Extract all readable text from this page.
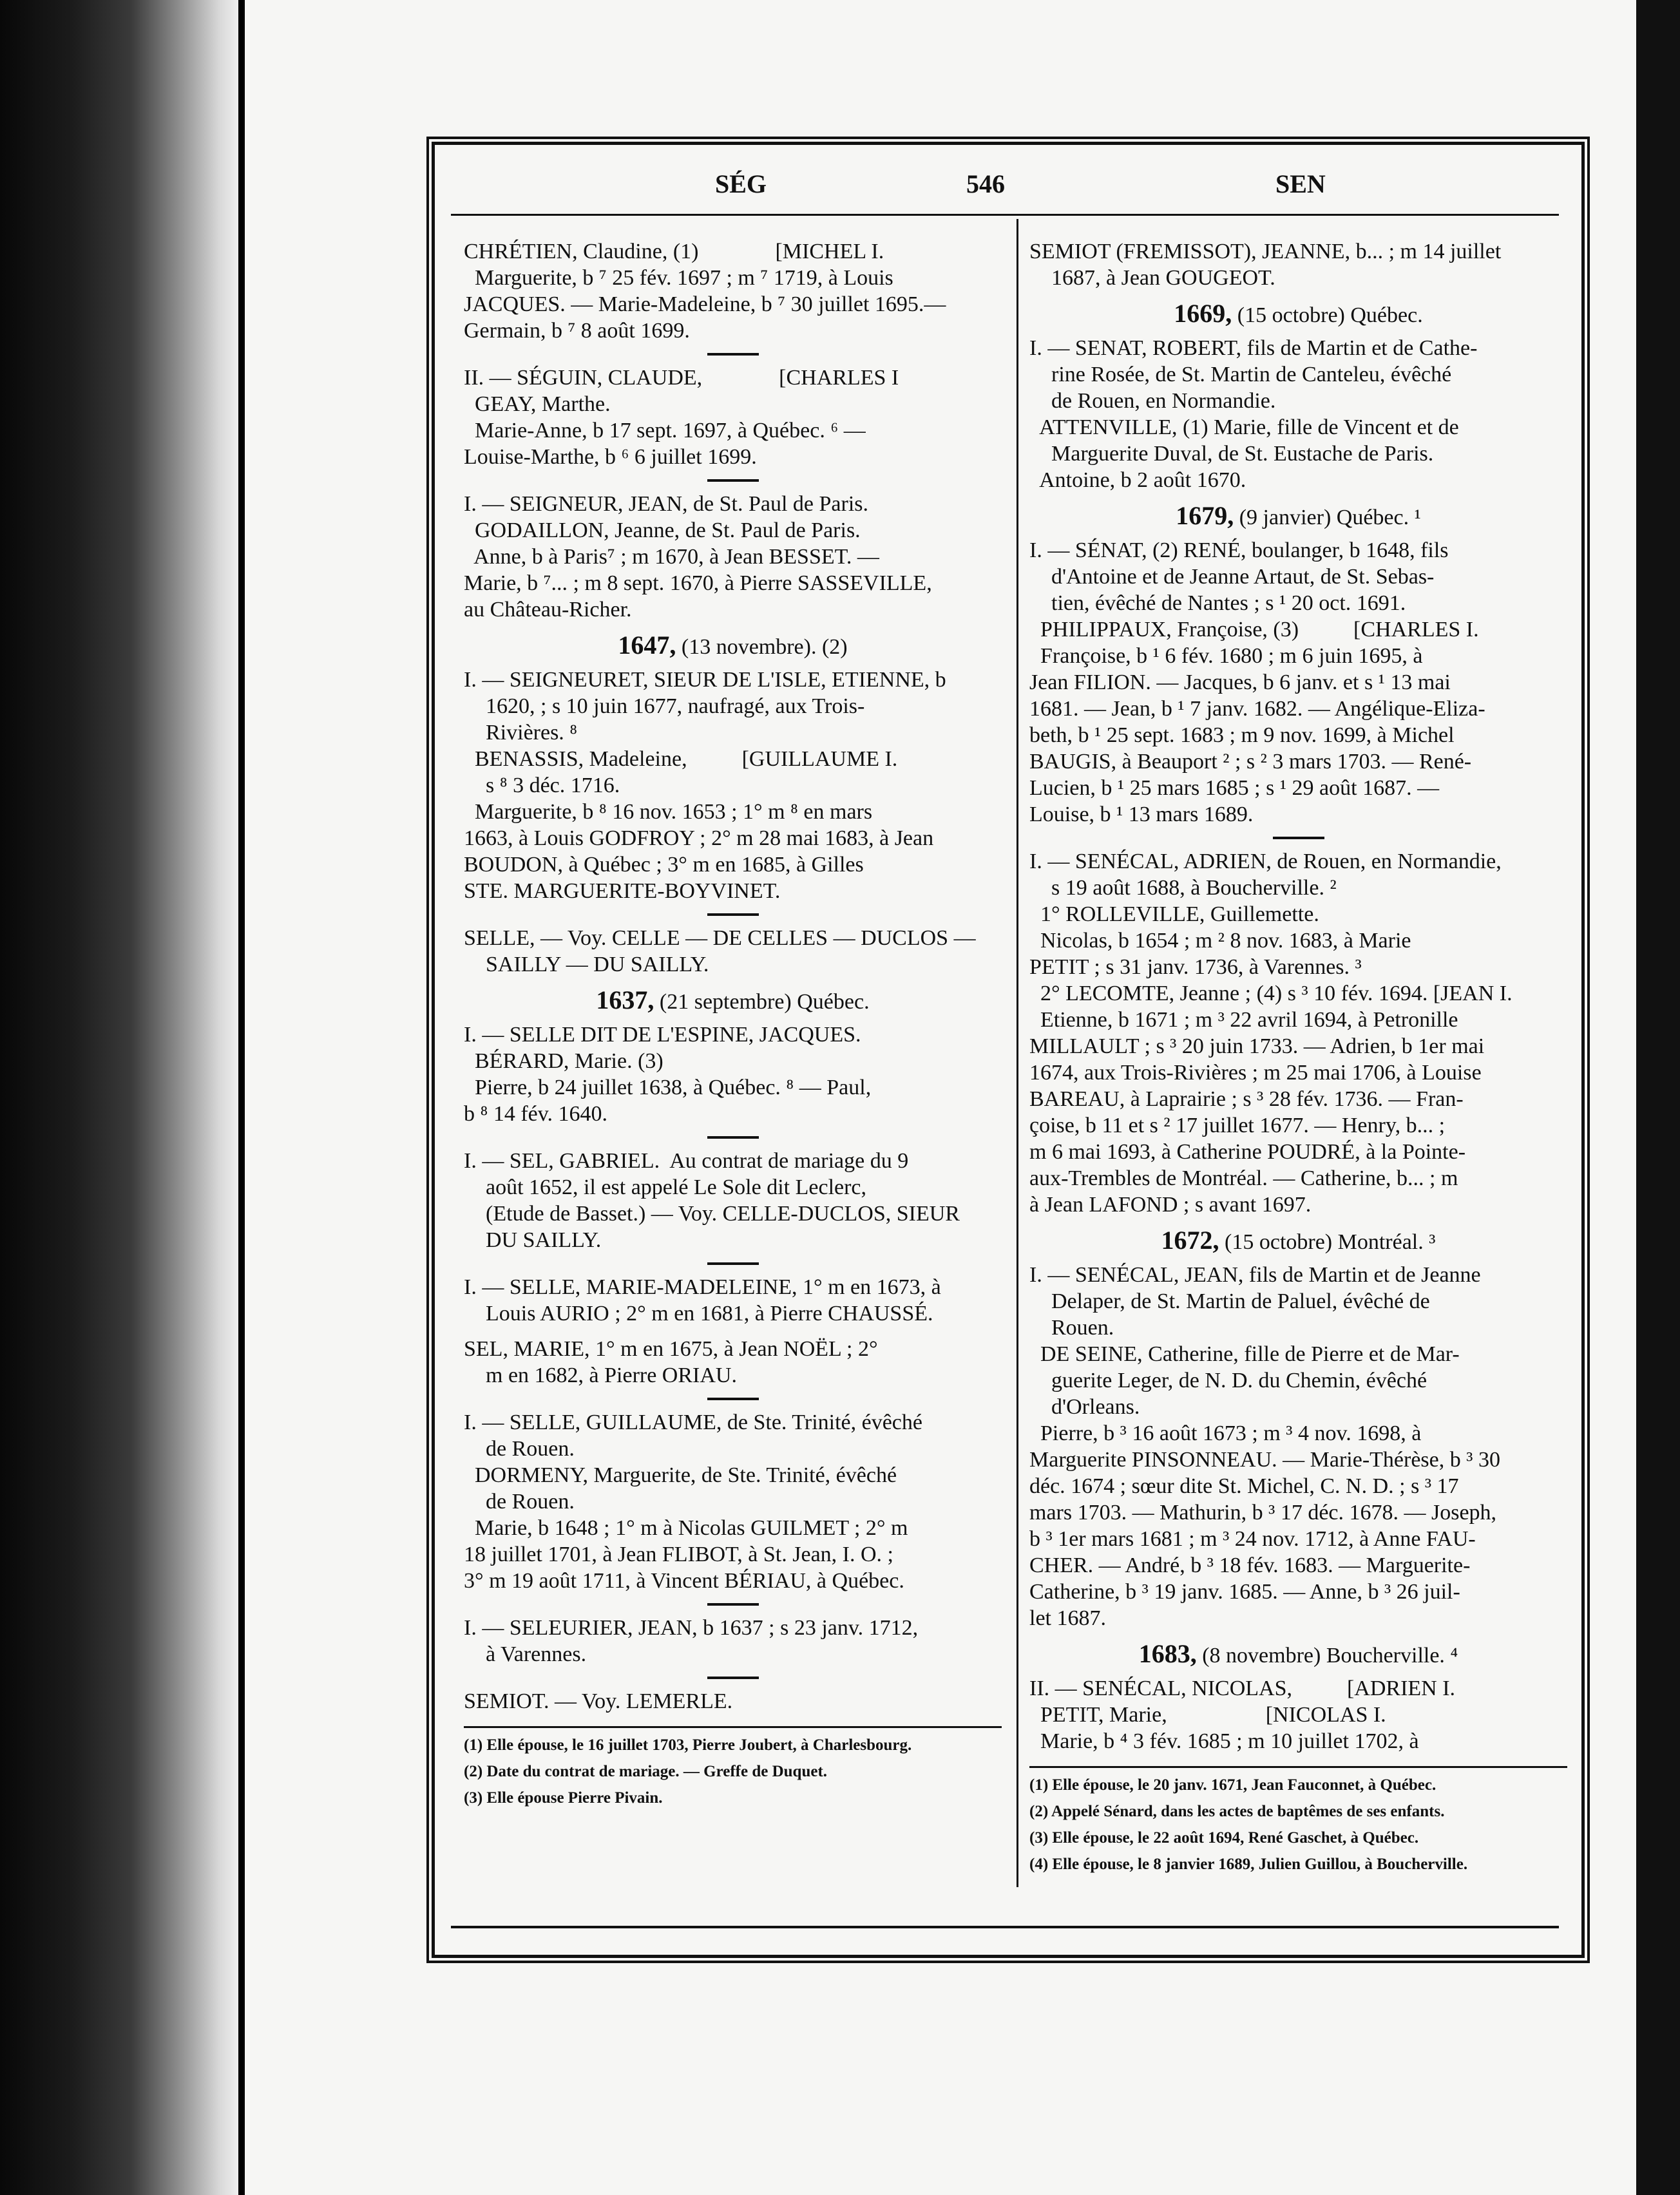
SÉG	546	SEN
CHRÉTIEN, Claudine, (1)              [MICHEL I.
Marguerite, b ⁷ 25 fév. 1697 ; m ⁷ 1719, à Louis
JACQUES. — Marie-Madeleine, b ⁷ 30 juillet 1695.—
Germain, b ⁷ 8 août 1699.
II. — SÉGUIN, CLAUDE,              [CHARLES I
GEAY, Marthe.
Marie-Anne, b 17 sept. 1697, à Québec. ⁶ —
Louise-Marthe, b ⁶ 6 juillet 1699.
I. — SEIGNEUR, JEAN, de St. Paul de Paris.
GODAILLON, Jeanne, de St. Paul de Paris.
Anne, b à Paris⁷ ; m 1670, à Jean BESSET. —
Marie, b ⁷... ; m 8 sept. 1670, à Pierre SASSEVILLE,
au Château-Richer.
1647, (13 novembre). (2)
I. — SEIGNEURET, SIEUR DE L'ISLE, ETIENNE, b
1620, ; s 10 juin 1677, naufragé, aux Trois-
Rivières. ⁸
BENASSIS, Madeleine,          [GUILLAUME I.
s ⁸ 3 déc. 1716.
Marguerite, b ⁸ 16 nov. 1653 ; 1° m ⁸ en mars
1663, à Louis GODFROY ; 2° m 28 mai 1683, à Jean
BOUDON, à Québec ; 3° m en 1685, à Gilles
STE. MARGUERITE-BOYVINET.
SELLE, — Voy. CELLE — DE CELLES — DUCLOS —
SAILLY — DU SAILLY.
1637, (21 septembre) Québec.
I. — SELLE DIT DE L'ESPINE, JACQUES.
BÉRARD, Marie. (3)
Pierre, b 24 juillet 1638, à Québec. ⁸ — Paul,
b ⁸ 14 fév. 1640.
I. — SEL, GABRIEL.  Au contrat de mariage du 9
août 1652, il est appelé Le Sole dit Leclerc,
(Etude de Basset.) — Voy. CELLE-DUCLOS, SIEUR
DU SAILLY.
I. — SELLE, MARIE-MADELEINE, 1° m en 1673, à
Louis AURIO ; 2° m en 1681, à Pierre CHAUSSÉ.
SEL, MARIE, 1° m en 1675, à Jean NOËL ; 2°
m en 1682, à Pierre ORIAU.
I. — SELLE, GUILLAUME, de Ste. Trinité, évêché
de Rouen.
DORMENY, Marguerite, de Ste. Trinité, évêché
de Rouen.
Marie, b 1648 ; 1° m à Nicolas GUILMET ; 2° m
18 juillet 1701, à Jean FLIBOT, à St. Jean, I. O. ;
3° m 19 août 1711, à Vincent BÉRIAU, à Québec.
I. — SELEURIER, JEAN, b 1637 ; s 23 janv. 1712,
à Varennes.
SEMIOT. — Voy. LEMERLE.
(1) Elle épouse, le 16 juillet 1703, Pierre Joubert, à Charlesbourg.
(2) Date du contrat de mariage. — Greffe de Duquet.
(3) Elle épouse Pierre Pivain.
SEMIOT (FREMISSOT), JEANNE, b... ; m 14 juillet
1687, à Jean GOUGEOT.
1669, (15 octobre) Québec.
I. — SENAT, ROBERT, fils de Martin et de Cathe-
rine Rosée, de St. Martin de Canteleu, évêché
de Rouen, en Normandie.
ATTENVILLE, (1) Marie, fille de Vincent et de
Marguerite Duval, de St. Eustache de Paris.
Antoine, b 2 août 1670.
1679, (9 janvier) Québec. ¹
I. — SÉNAT, (2) RENÉ, boulanger, b 1648, fils
d'Antoine et de Jeanne Artaut, de St. Sebas-
tien, évêché de Nantes ; s ¹ 20 oct. 1691.
PHILIPPAUX, Françoise, (3)          [CHARLES I.
Françoise, b ¹ 6 fév. 1680 ; m 6 juin 1695, à
Jean FILION. — Jacques, b 6 janv. et s ¹ 13 mai
1681. — Jean, b ¹ 7 janv. 1682. — Angélique-Eliza-
beth, b ¹ 25 sept. 1683 ; m 9 nov. 1699, à Michel
BAUGIS, à Beauport ² ; s ² 3 mars 1703. — René-
Lucien, b ¹ 25 mars 1685 ; s ¹ 29 août 1687. —
Louise, b ¹ 13 mars 1689.
I. — SENÉCAL, ADRIEN, de Rouen, en Normandie,
s 19 août 1688, à Boucherville. ²
1° ROLLEVILLE, Guillemette.
Nicolas, b 1654 ; m ² 8 nov. 1683, à Marie
PETIT ; s 31 janv. 1736, à Varennes. ³
2° LECOMTE, Jeanne ; (4) s ³ 10 fév. 1694. [JEAN I.
Etienne, b 1671 ; m ³ 22 avril 1694, à Petronille
MILLAULT ; s ³ 20 juin 1733. — Adrien, b 1er mai
1674, aux Trois-Rivières ; m 25 mai 1706, à Louise
BAREAU, à Laprairie ; s ³ 28 fév. 1736. — Fran-
çoise, b 11 et s ² 17 juillet 1677. — Henry, b... ;
m 6 mai 1693, à Catherine POUDRÉ, à la Pointe-
aux-Trembles de Montréal. — Catherine, b... ; m
à Jean LAFOND ; s avant 1697.
1672, (15 octobre) Montréal. ³
I. — SENÉCAL, JEAN, fils de Martin et de Jeanne
Delaper, de St. Martin de Paluel, évêché de
Rouen.
DE SEINE, Catherine, fille de Pierre et de Mar-
guerite Leger, de N. D. du Chemin, évêché
d'Orleans.
Pierre, b ³ 16 août 1673 ; m ³ 4 nov. 1698, à
Marguerite PINSONNEAU. — Marie-Thérèse, b ³ 30
déc. 1674 ; sœur dite St. Michel, C. N. D. ; s ³ 17
mars 1703. — Mathurin, b ³ 17 déc. 1678. — Joseph,
b ³ 1er mars 1681 ; m ³ 24 nov. 1712, à Anne FAU-
CHER. — André, b ³ 18 fév. 1683. — Marguerite-
Catherine, b ³ 19 janv. 1685. — Anne, b ³ 26 juil-
let 1687.
1683, (8 novembre) Boucherville. ⁴
II. — SENÉCAL, NICOLAS,          [ADRIEN I.
PETIT, Marie,                  [NICOLAS I.
Marie, b ⁴ 3 fév. 1685 ; m 10 juillet 1702, à
(1) Elle épouse, le 20 janv. 1671, Jean Fauconnet, à Québec.
(2) Appelé Sénard, dans les actes de baptêmes de ses enfants.
(3) Elle épouse, le 22 août 1694, René Gaschet, à Québec.
(4) Elle épouse, le 8 janvier 1689, Julien Guillou, à Boucherville.
